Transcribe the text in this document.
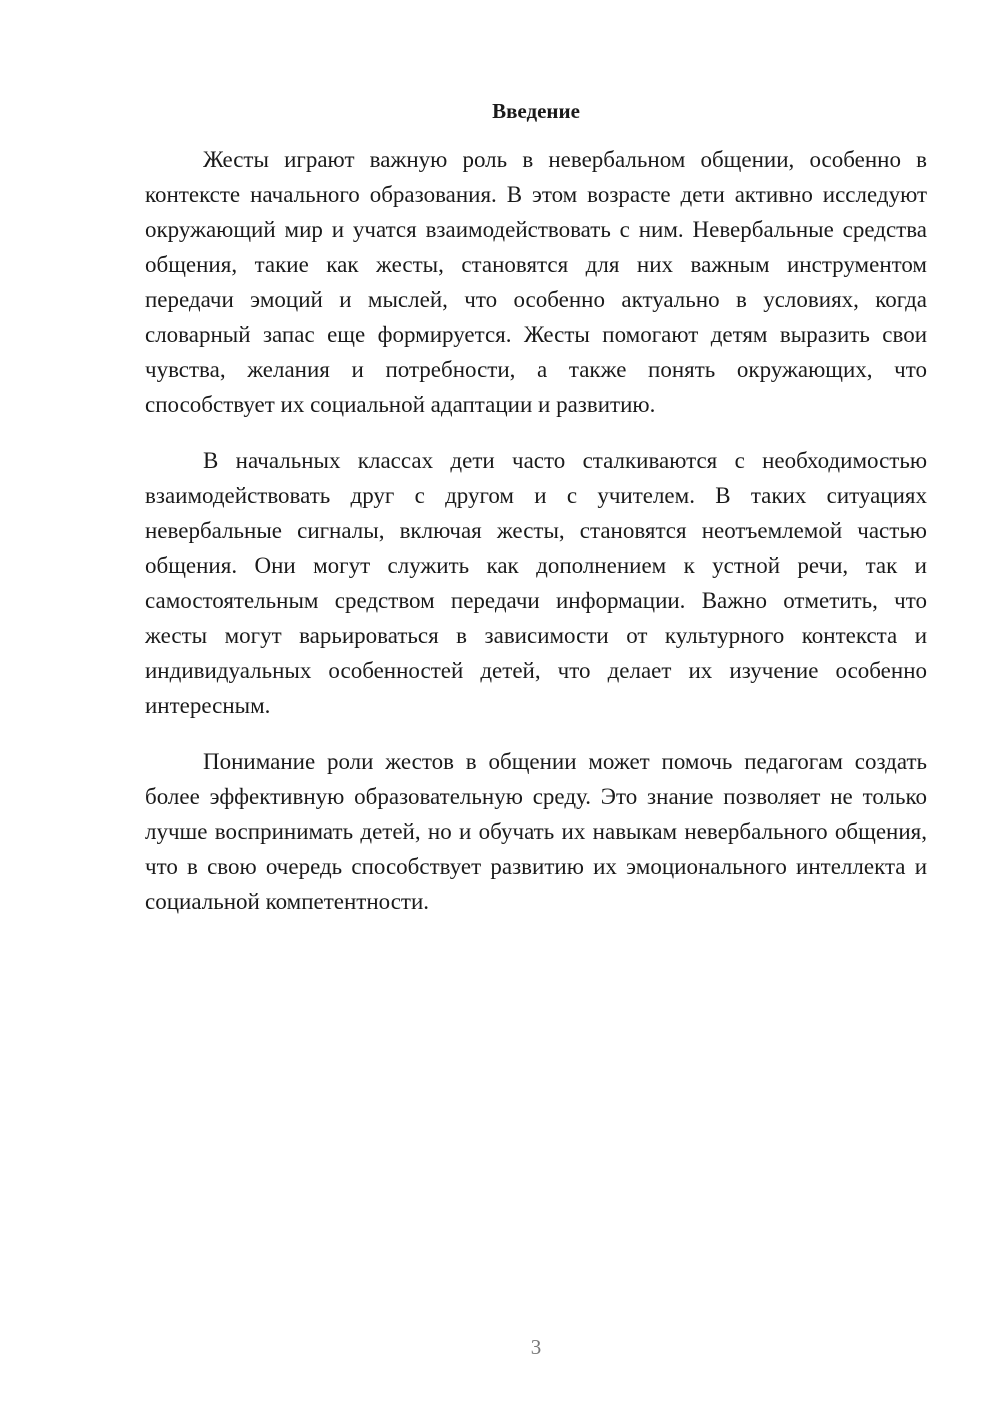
Введение

Жесты играют важную роль в невербальном общении, особенно в контексте начального образования. В этом возрасте дети активно исследуют окружающий мир и учатся взаимодействовать с ним. Невербальные средства общения, такие как жесты, становятся для них важным инструментом передачи эмоций и мыслей, что особенно актуально в условиях, когда словарный запас еще формируется. Жесты помогают детям выразить свои чувства, желания и потребности, а также понять окружающих, что способствует их социальной адаптации и развитию.

В начальных классах дети часто сталкиваются с необходимостью взаимодействовать друг с другом и с учителем. В таких ситуациях невербальные сигналы, включая жесты, становятся неотъемлемой частью общения. Они могут служить как дополнением к устной речи, так и самостоятельным средством передачи информации. Важно отметить, что жесты могут варьироваться в зависимости от культурного контекста и индивидуальных особенностей детей, что делает их изучение особенно интересным.

Понимание роли жестов в общении может помочь педагогам создать более эффективную образовательную среду. Это знание позволяет не только лучше воспринимать детей, но и обучать их навыкам невербального общения, что в свою очередь способствует развитию их эмоционального интеллекта и социальной компетентности.

3
